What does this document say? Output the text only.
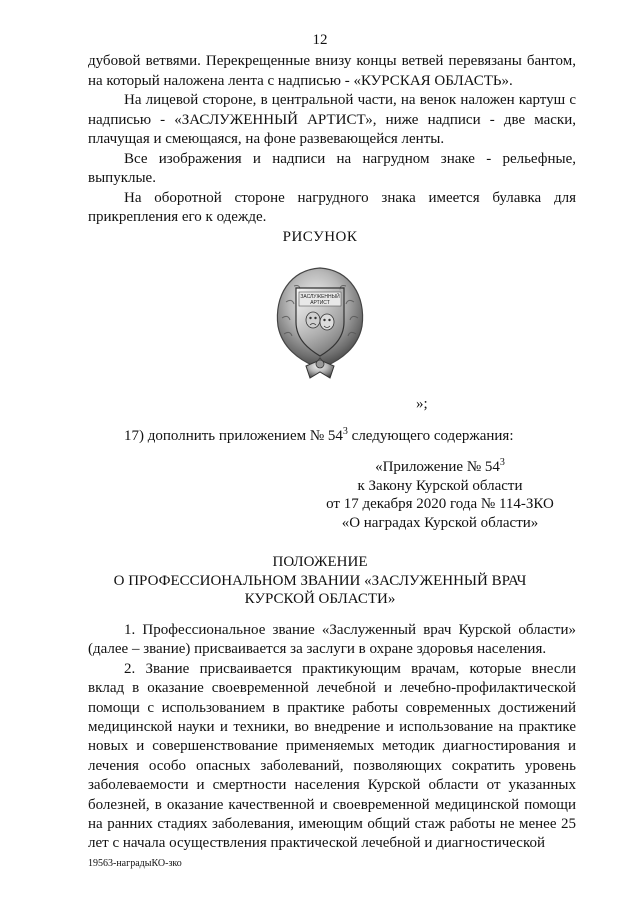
12

дубовой ветвями. Перекрещенные внизу концы ветвей перевязаны бантом, на который наложена лента с надписью - «КУРСКАЯ ОБЛАСТЬ».

На лицевой стороне, в центральной части, на венок наложен картуш с надписью - «ЗАСЛУЖЕННЫЙ АРТИСТ», ниже надписи - две маски, плачущая и смеющаяся, на фоне развевающейся ленты.

Все изображения и надписи на нагрудном знаке - рельефные, выпуклые.

На оборотной стороне нагрудного знака имеется булавка для прикрепления его к одежде.

РИСУНОК
ЗАСЛУЖЕННЫЙ
АРТИСТ
»;
17) дополнить приложением № $54^3$ следующего содержания:
«Приложение № $54^3$
к Закону Курской области
от 17 декабря 2020 года № 114-ЗКО
«О наградах Курской области»
ПОЛОЖЕНИЕ
О ПРОФЕССИОНАЛЬНОМ ЗВАНИИ «ЗАСЛУЖЕННЫЙ ВРАЧ
КУРСКОЙ ОБЛАСТИ»

1. Профессиональное звание «Заслуженный врач Курской области» (далее – звание) присваивается за заслуги в охране здоровья населения.

2. Звание присваивается практикующим врачам, которые внесли вклад в оказание своевременной лечебной и лечебно-профилактической помощи с использованием в практике работы современных достижений медицинской науки и техники, во внедрение и использование на практике новых и совершенствование применяемых методик диагностирования и лечения особо опасных заболеваний, позволяющих сократить уровень заболеваемости и смертности населения Курской области от указанных болезней, в оказание качественной и своевременной медицинской помощи на ранних стадиях заболевания, имеющим общий стаж работы не менее 25 лет с начала осуществления практической лечебной и диагностической

19563-наградыКО-зко
